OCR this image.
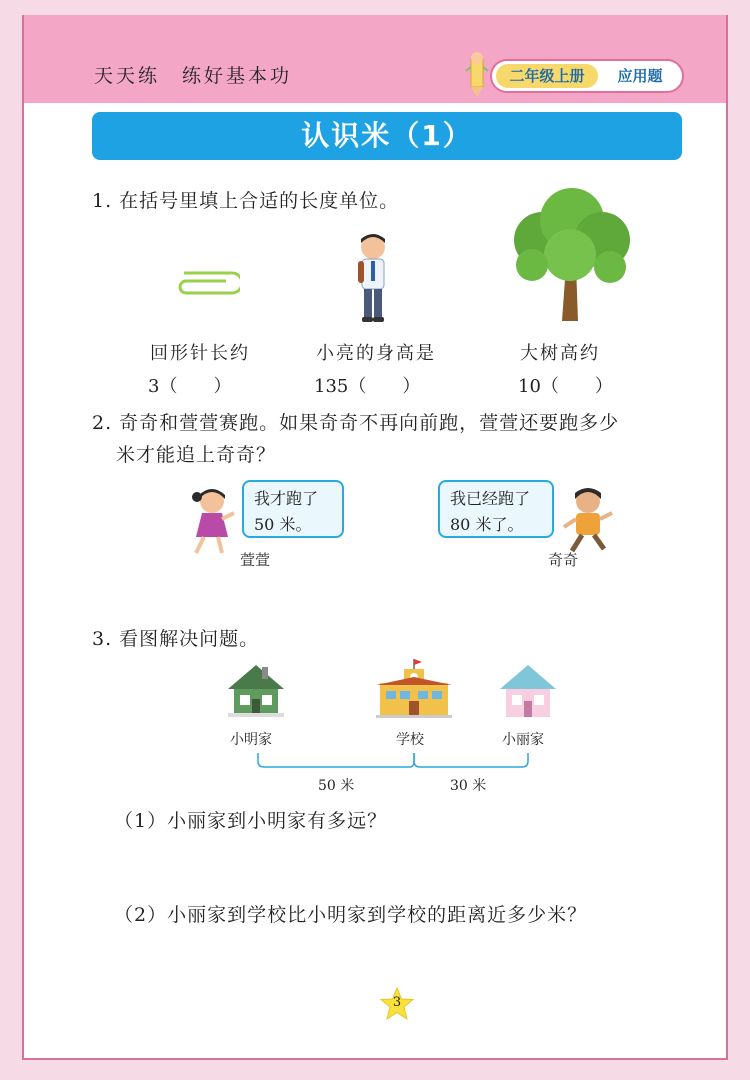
天天练　练好基本功	二年级上册	应用题
认识米（1）
1. 在括号里填上合适的长度单位。
回形针长约	小亮的身高是	大树高约
3（　　）	135（　　）	10（　　）
2. 奇奇和萱萱赛跑。如果奇奇不再向前跑，萱萱还要跑多少
米才能追上奇奇？
我才跑了
50 米。
萱萱
我已经跑了
80 米了。
奇奇
3. 看图解决问题。
小明家	学校	小丽家
50 米	30 米
（1）小丽家到小明家有多远？
（2）小丽家到学校比小明家到学校的距离近多少米？
3
